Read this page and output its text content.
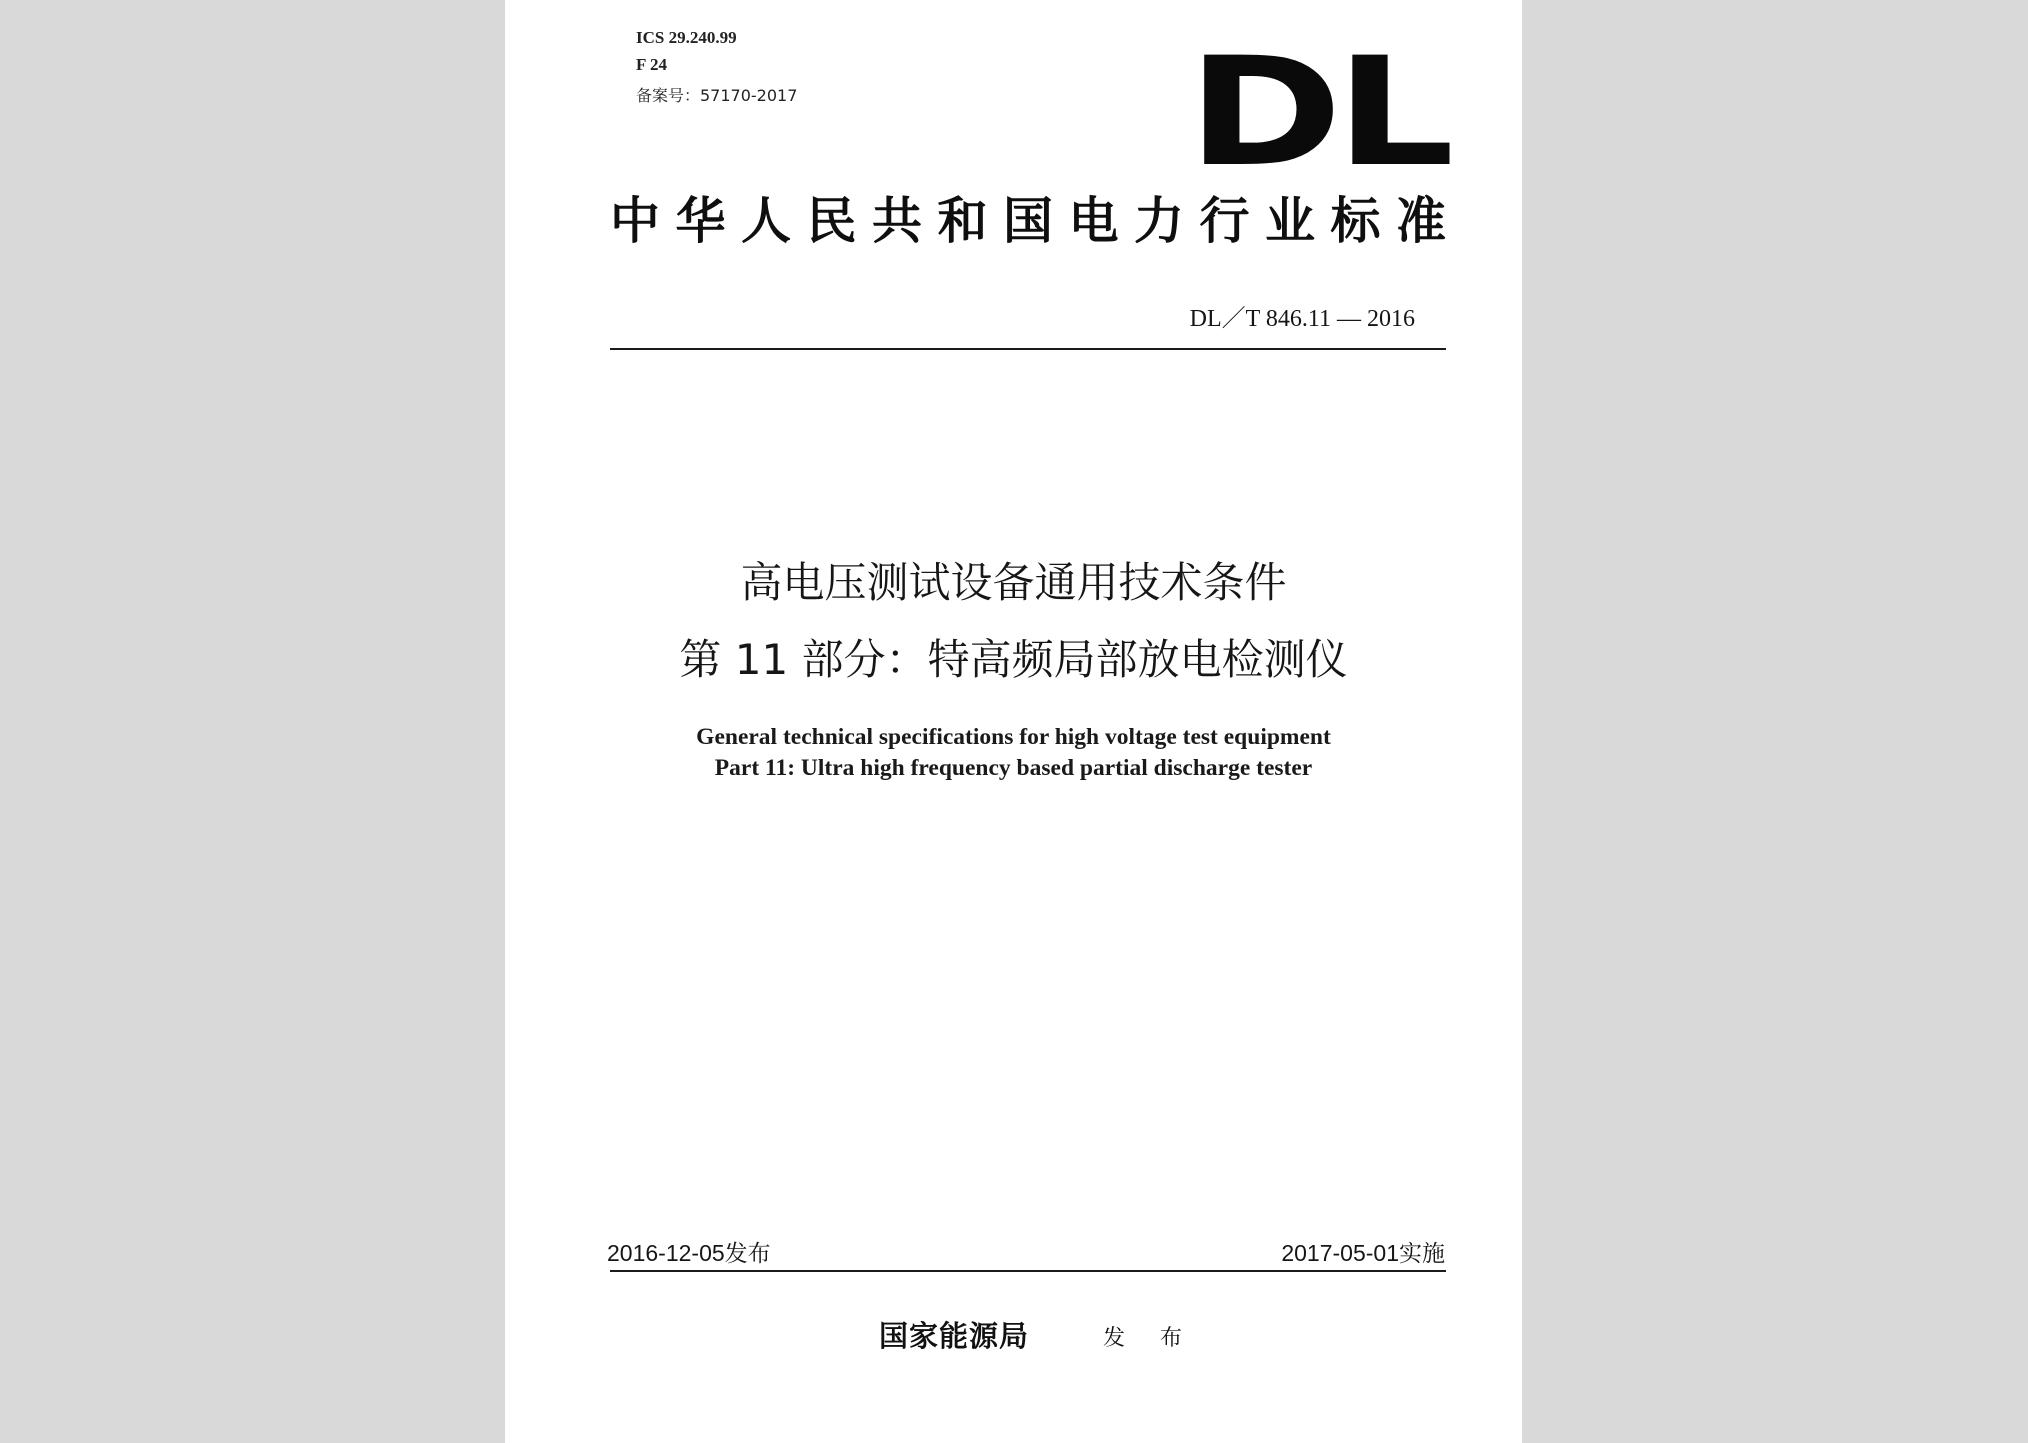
ICS 29.240.99
F 24
备案号：57170-2017	DL
中华人民共和国电力行业标准
DL／T 846.11 — 2016
高电压测试设备通用技术条件
第 11 部分：特高频局部放电检测仪
General technical specifications for high voltage test equipment
Part 11: Ultra high frequency based partial discharge tester
2016-12-05发布	2017-05-01实施
国家能源局	发 布
